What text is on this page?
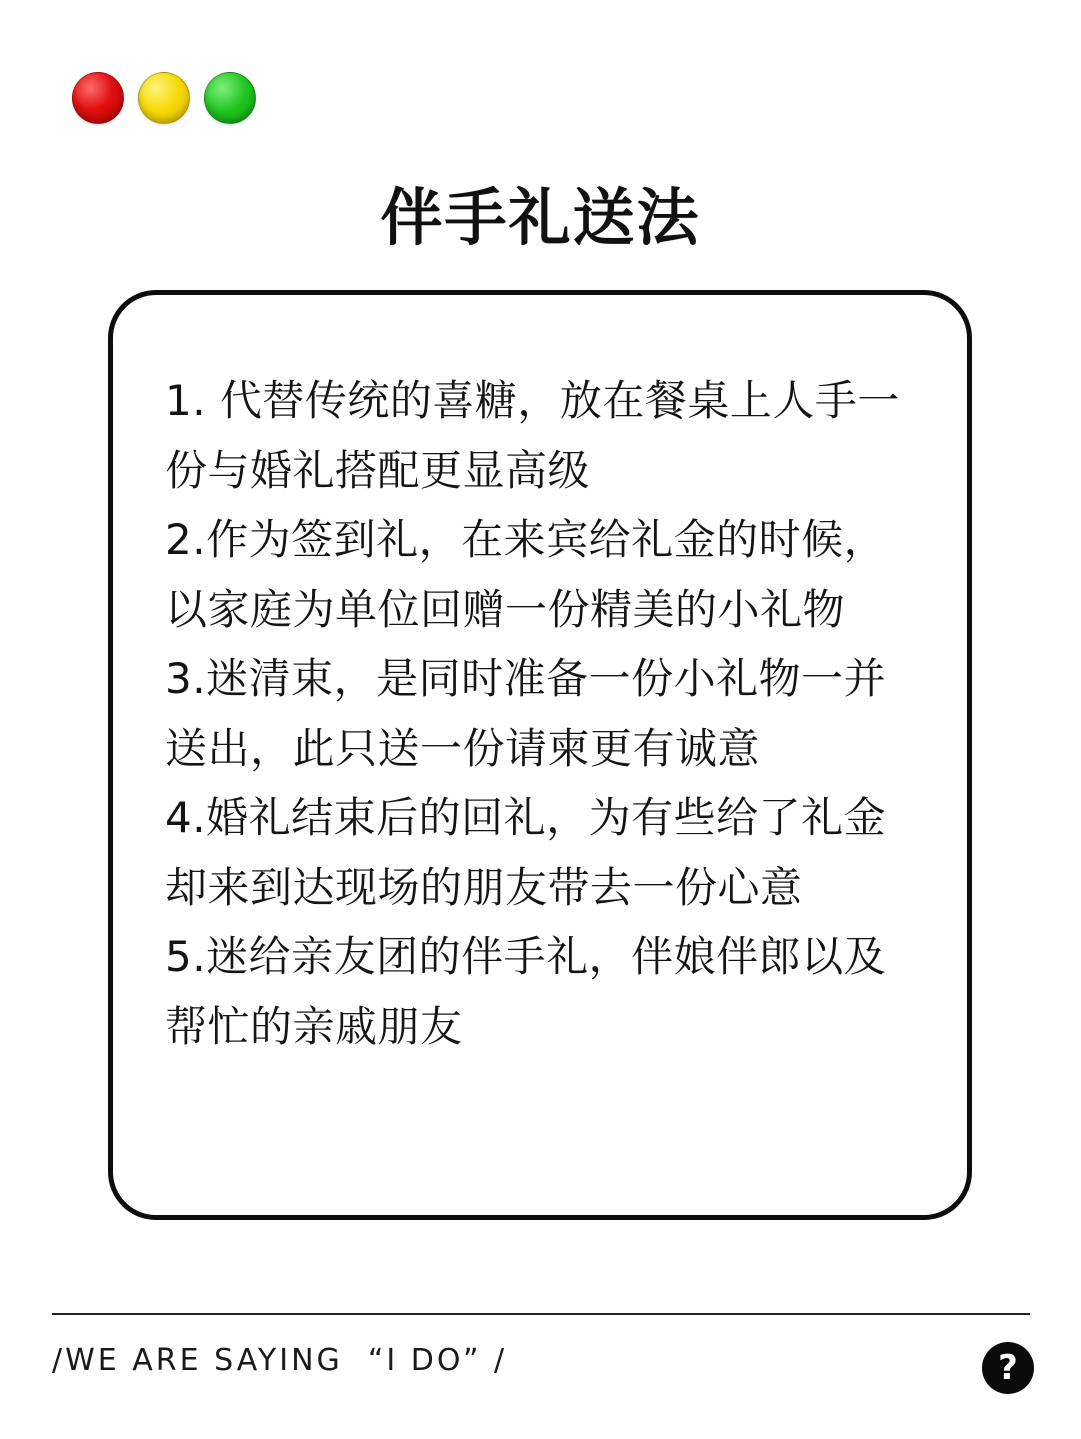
伴手礼送法
1. 代替传统的喜糖，放在餐桌上人手一份与婚礼搭配更显高级
2.作为签到礼，在来宾给礼金的时候，以家庭为单位回赠一份精美的小礼物
3.迷清束，是同时准备一份小礼物一并送出，此只送一份请柬更有诚意
4.婚礼结束后的回礼，为有些给了礼金却来到达现场的朋友带去一份心意
5.迷给亲友团的伴手礼，伴娘伴郎以及帮忙的亲戚朋友
/WE ARE SAYING  “I DO” /	?
